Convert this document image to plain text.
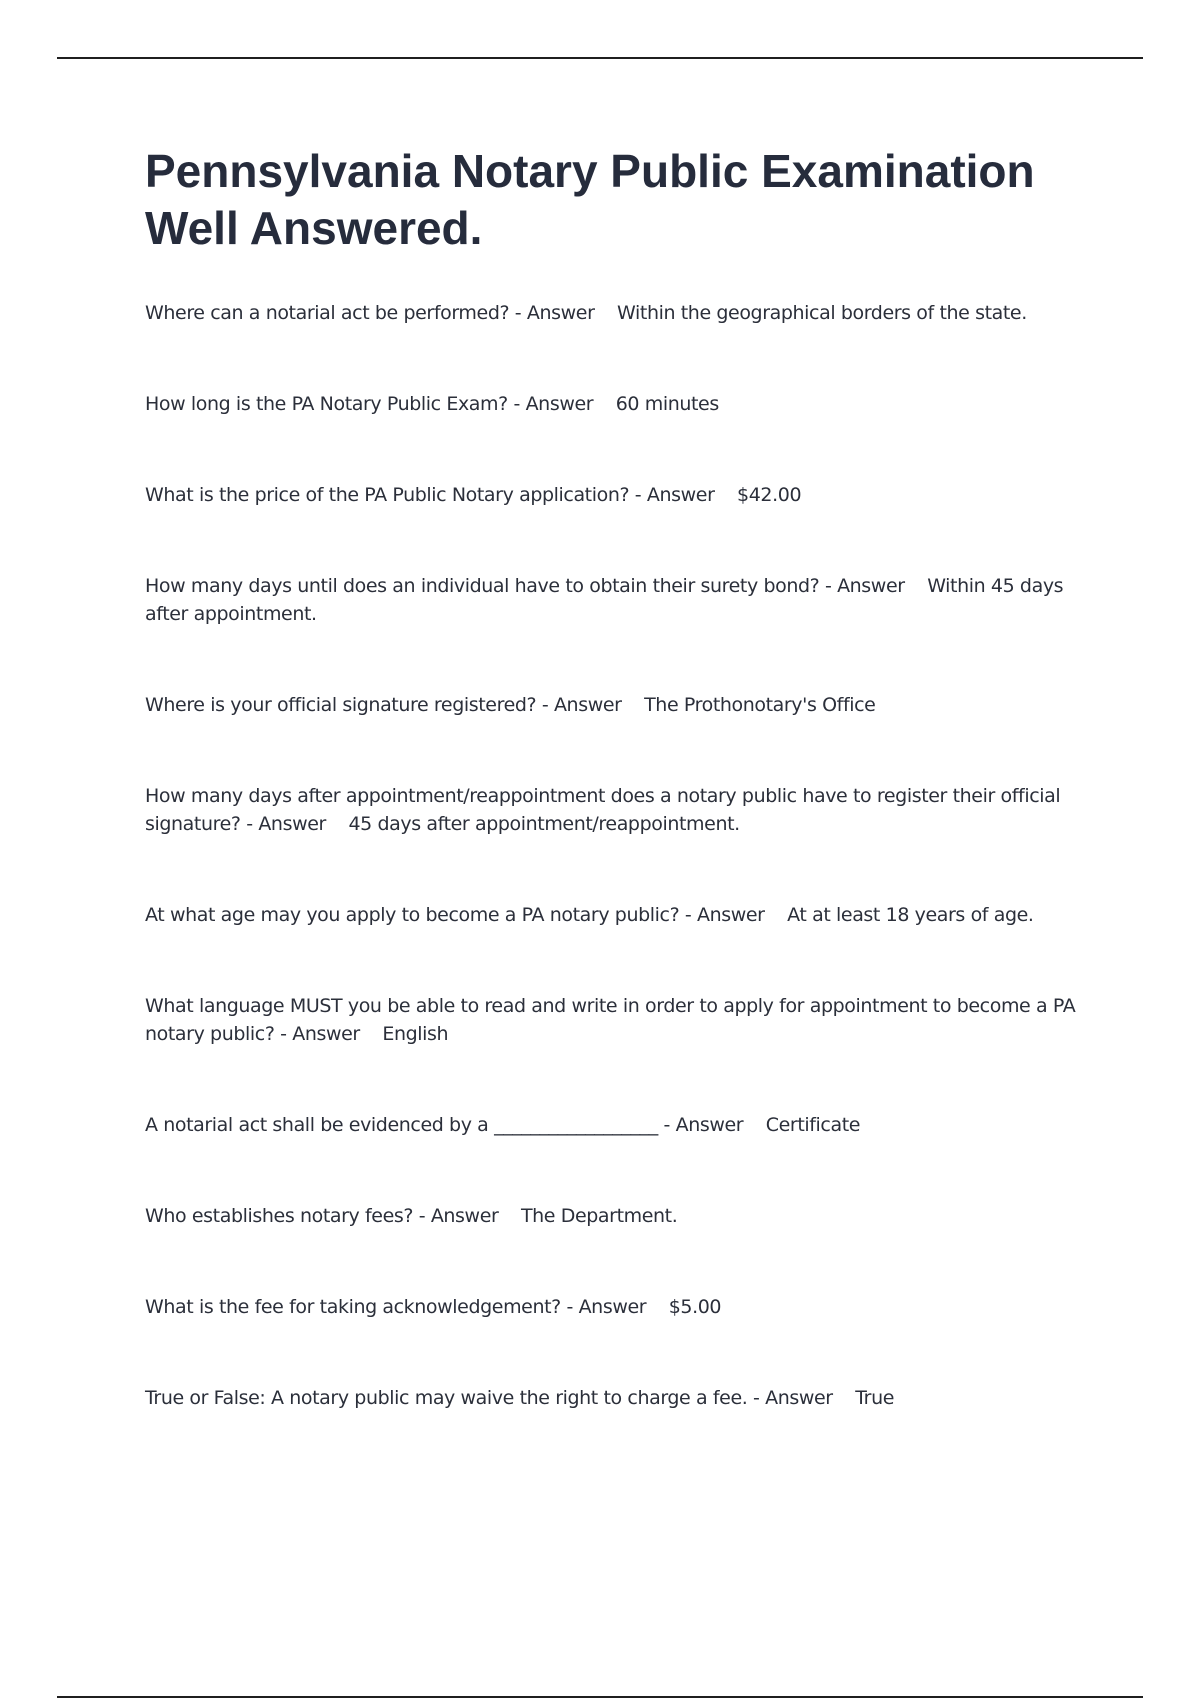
Pennsylvania Notary Public Examination Well Answered.
Where can a notarial act be performed? - Answer    Within the geographical borders of the state.
How long is the PA Notary Public Exam? - Answer    60 minutes
What is the price of the PA Public Notary application? - Answer    $42.00
How many days until does an individual have to obtain their surety bond? - Answer    Within 45 days after appointment.
Where is your official signature registered? - Answer    The Prothonotary's Office
How many days after appointment/reappointment does a notary public have to register their official signature? - Answer    45 days after appointment/reappointment.
At what age may you apply to become a PA notary public? - Answer    At at least 18 years of age.
What language MUST you be able to read and write in order to apply for appointment to become a PA notary public? - Answer    English
A notarial act shall be evidenced by a __________________ - Answer    Certificate
Who establishes notary fees? - Answer    The Department.
What is the fee for taking acknowledgement? - Answer    $5.00
True or False: A notary public may waive the right to charge a fee. - Answer    True
